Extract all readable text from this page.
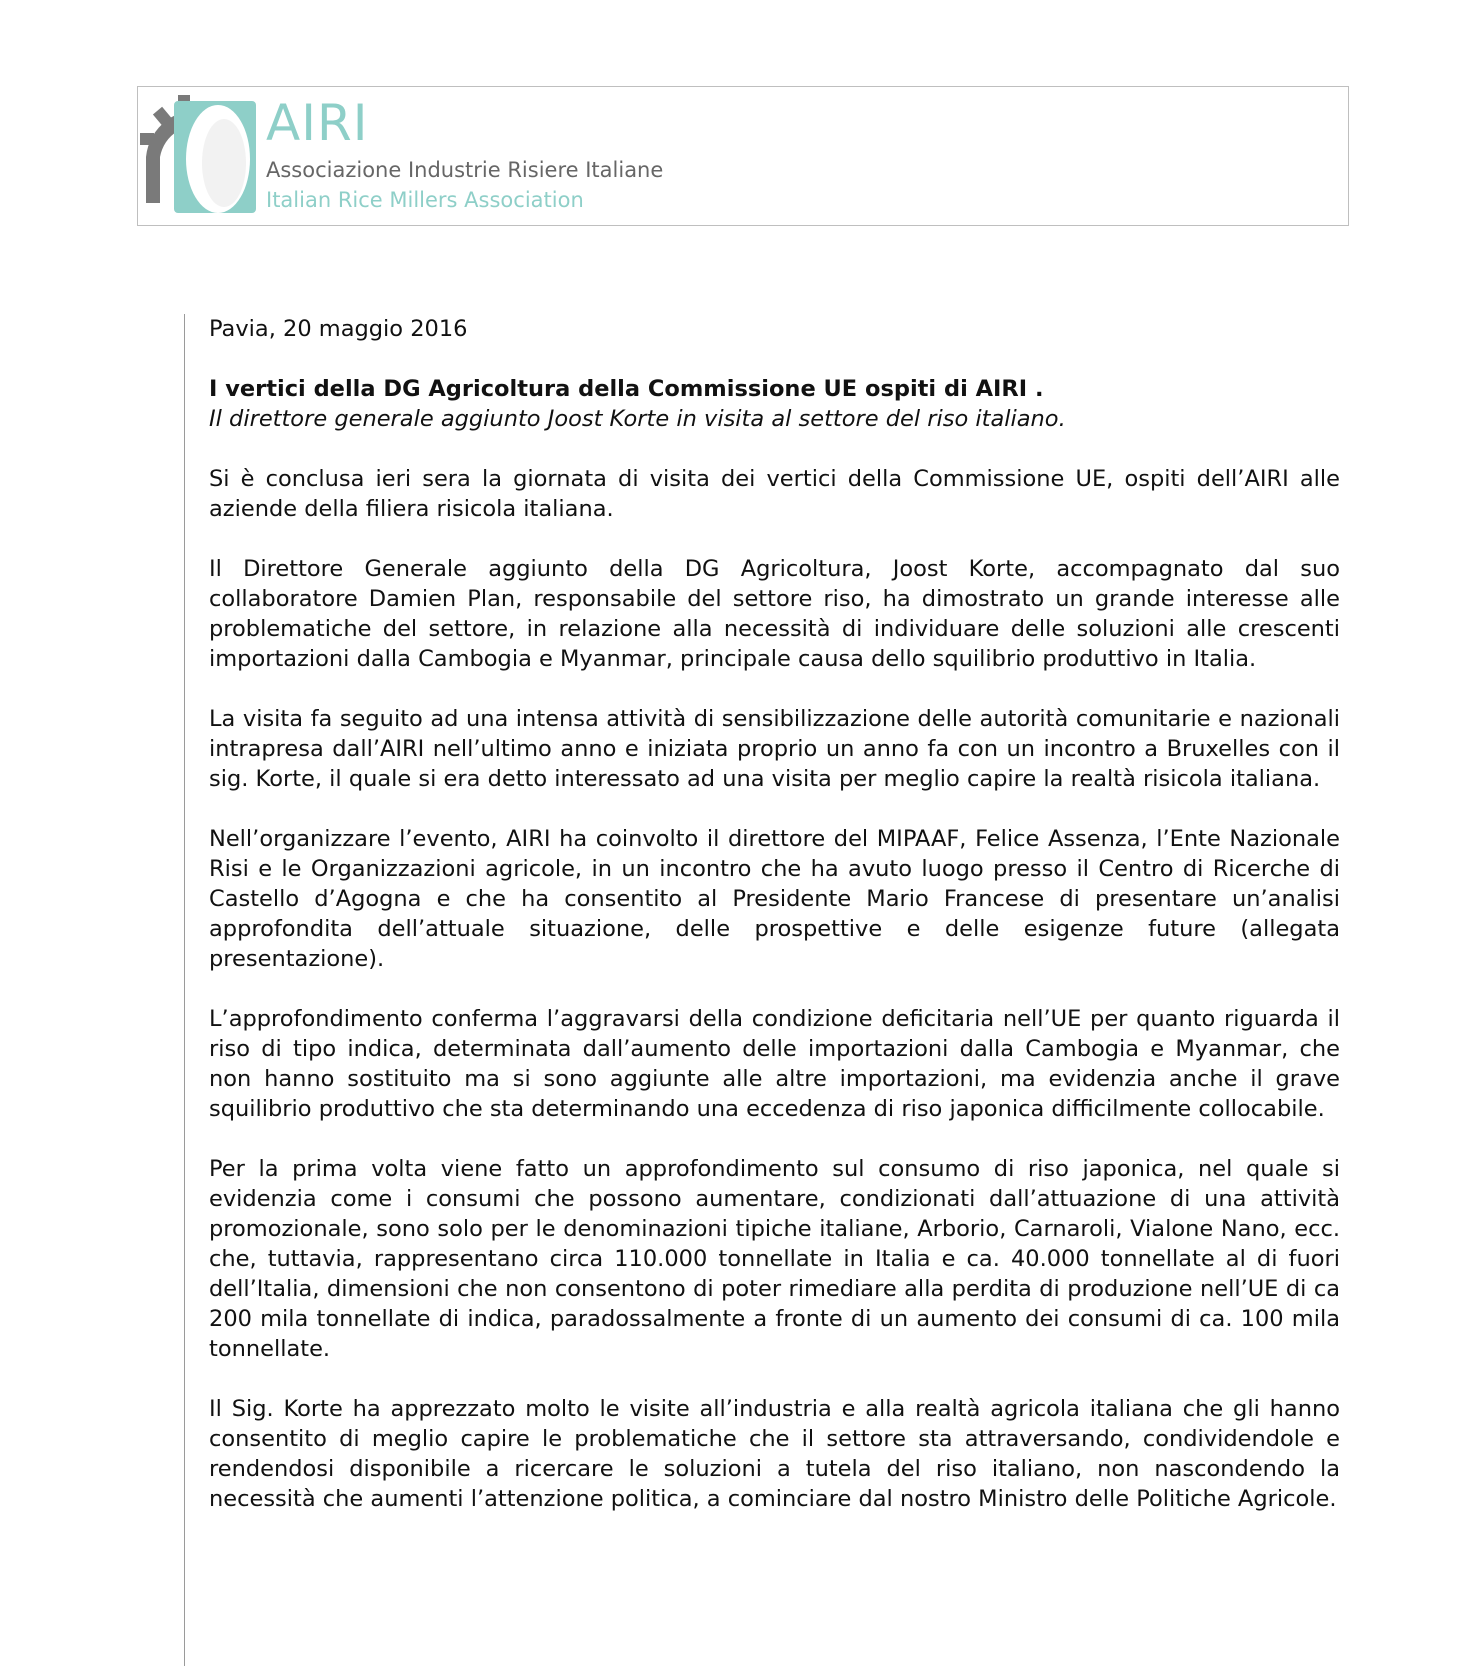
AIRI
Associazione Industrie Risiere Italiane
Italian Rice Millers Association

Pavia, 20 maggio 2016

I vertici della DG Agricoltura della Commissione UE ospiti di AIRI .

Il direttore generale aggiunto Joost Korte in visita al settore del riso italiano.

Si è conclusa ieri sera la giornata di visita dei vertici della Commissione UE, ospiti dell’AIRI alle aziende della filiera risicola italiana.

Il Direttore Generale aggiunto della DG Agricoltura, Joost Korte, accompagnato dal suo collaboratore Damien Plan, responsabile del settore riso, ha dimostrato un grande interesse alle problematiche del settore, in relazione alla necessità di individuare delle soluzioni alle crescenti importazioni dalla Cambogia e Myanmar, principale causa dello squilibrio produttivo in Italia.

La visita fa seguito ad una intensa attività di sensibilizzazione delle autorità comunitarie e nazionali intrapresa dall’AIRI nell’ultimo anno e iniziata proprio un anno fa con un incontro a Bruxelles con il sig. Korte, il quale si era detto interessato ad una visita per meglio capire la realtà risicola italiana.

Nell’organizzare l’evento, AIRI ha coinvolto il direttore del MIPAAF, Felice Assenza, l’Ente Nazionale Risi e le Organizzazioni agricole, in un incontro che ha avuto luogo presso il Centro di Ricerche di Castello d’Agogna e che ha consentito al Presidente Mario Francese di presentare un’analisi approfondita dell’attuale situazione, delle prospettive e delle esigenze future (allegata presentazione).

L’approfondimento conferma l’aggravarsi della condizione deficitaria nell’UE per quanto riguarda il riso di tipo indica, determinata dall’aumento delle importazioni dalla Cambogia e Myanmar, che non hanno sostituito ma si sono aggiunte alle altre importazioni, ma evidenzia anche il grave squilibrio produttivo che sta determinando una eccedenza di riso japonica difficilmente collocabile.

Per la prima volta viene fatto un approfondimento sul consumo di riso japonica, nel quale si evidenzia come i consumi che possono aumentare, condizionati dall’attuazione di una attività promozionale, sono solo per le denominazioni tipiche italiane, Arborio, Carnaroli, Vialone Nano, ecc. che, tuttavia, rappresentano circa 110.000 tonnellate in Italia e ca. 40.000 tonnellate al di fuori dell’Italia, dimensioni che non consentono di poter rimediare alla perdita di produzione nell’UE di ca 200 mila tonnellate di indica, paradossalmente a fronte di un aumento dei consumi di ca. 100 mila tonnellate.

Il Sig. Korte ha apprezzato molto le visite all’industria e alla realtà agricola italiana che gli hanno consentito di meglio capire le problematiche che il settore sta attraversando, condividendole e rendendosi disponibile a ricercare le soluzioni a tutela del riso italiano, non nascondendo la necessità che aumenti l’attenzione politica, a cominciare dal nostro Ministro delle Politiche Agricole.
